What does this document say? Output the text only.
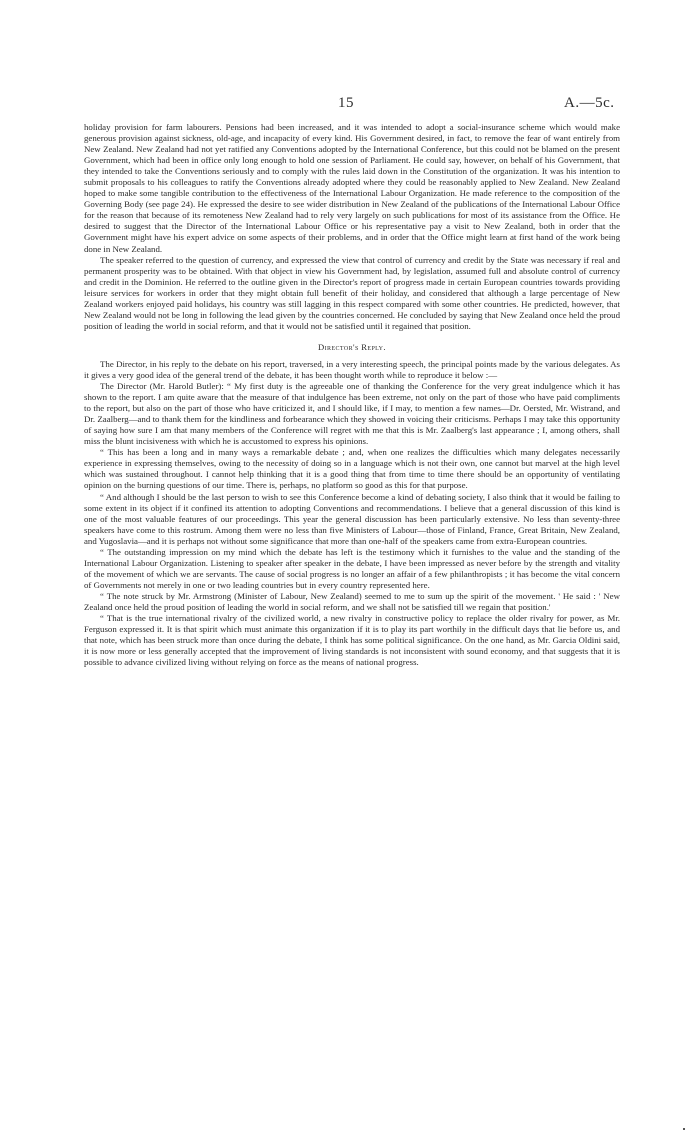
15	A.—5c.

holiday provision for farm labourers. Pensions had been increased, and it was intended to adopt a social-insurance scheme which would make generous provision against sickness, old-age, and incapacity of every kind. His Government desired, in fact, to remove the fear of want entirely from New Zealand. New Zealand had not yet ratified any Conventions adopted by the International Conference, but this could not be blamed on the present Government, which had been in office only long enough to hold one session of Parliament. He could say, however, on behalf of his Government, that they intended to take the Conventions seriously and to comply with the rules laid down in the Constitution of the organization. It was his intention to submit proposals to his colleagues to ratify the Conventions already adopted where they could be reasonably applied to New Zealand. New Zealand hoped to make some tangible contribution to the effectiveness of the International Labour Organization. He made reference to the composition of the Governing Body (see page 24). He expressed the desire to see wider distribution in New Zealand of the publications of the International Labour Office for the reason that because of its remoteness New Zealand had to rely very largely on such publications for most of its assistance from the Office. He desired to suggest that the Director of the International Labour Office or his representative pay a visit to New Zealand, both in order that the Government might have his expert advice on some aspects of their problems, and in order that the Office might learn at first hand of the work being done in New Zealand.

The speaker referred to the question of currency, and expressed the view that control of currency and credit by the State was necessary if real and permanent prosperity was to be obtained. With that object in view his Government had, by legislation, assumed full and absolute control of currency and credit in the Dominion. He referred to the outline given in the Director's report of progress made in certain European countries towards providing leisure services for workers in order that they might obtain full benefit of their holiday, and considered that although a large percentage of New Zealand workers enjoyed paid holidays, his country was still lagging in this respect compared with some other countries. He predicted, however, that New Zealand would not be long in following the lead given by the countries concerned. He concluded by saying that New Zealand once held the proud position of leading the world in social reform, and that it would not be satisfied until it regained that position.

Director's Reply.

The Director, in his reply to the debate on his report, traversed, in a very interesting speech, the principal points made by the various delegates. As it gives a very good idea of the general trend of the debate, it has been thought worth while to reproduce it below :—

The Director (Mr. Harold Butler): “ My first duty is the agreeable one of thanking the Conference for the very great indulgence which it has shown to the report. I am quite aware that the measure of that indulgence has been extreme, not only on the part of those who have paid compliments to the report, but also on the part of those who have criticized it, and I should like, if I may, to mention a few names—Dr. Oersted, Mr. Wistrand, and Dr. Zaalberg—and to thank them for the kindliness and forbearance which they showed in voicing their criticisms. Perhaps I may take this opportunity of saying how sure I am that many members of the Conference will regret with me that this is Mr. Zaalberg's last appearance ; I, among others, shall miss the blunt incisiveness with which he is accustomed to express his opinions.

“ This has been a long and in many ways a remarkable debate ; and, when one realizes the difficulties which many delegates necessarily experience in expressing themselves, owing to the necessity of doing so in a language which is not their own, one cannot but marvel at the high level which was sustained throughout. I cannot help thinking that it is a good thing that from time to time there should be an opportunity of ventilating opinion on the burning questions of our time. There is, perhaps, no platform so good as this for that purpose.

“ And although I should be the last person to wish to see this Conference become a kind of debating society, I also think that it would be failing to some extent in its object if it confined its attention to adopting Conventions and recommendations. I believe that a general discussion of this kind is one of the most valuable features of our proceedings. This year the general discussion has been particularly extensive. No less than seventy-three speakers have come to this rostrum. Among them were no less than five Ministers of Labour—those of Finland, France, Great Britain, New Zealand, and Yugoslavia—and it is perhaps not without some significance that more than one-half of the speakers came from extra-European countries.

“ The outstanding impression on my mind which the debate has left is the testimony which it furnishes to the value and the standing of the International Labour Organization. Listening to speaker after speaker in the debate, I have been impressed as never before by the strength and vitality of the movement of which we are servants. The cause of social progress is no longer an affair of a few philanthropists ; it has become the vital concern of Governments not merely in one or two leading countries but in every country represented here.

“ The note struck by Mr. Armstrong (Minister of Labour, New Zealand) seemed to me to sum up the spirit of the movement. ' He said : ' New Zealand once held the proud position of leading the world in social reform, and we shall not be satisfied till we regain that position.'

“ That is the true international rivalry of the civilized world, a new rivalry in constructive policy to replace the older rivalry for power, as Mr. Ferguson expressed it. It is that spirit which must animate this organization if it is to play its part worthily in the difficult days that lie before us, and that note, which has been struck more than once during the debate, I think has some political significance. On the one hand, as Mr. Garcia Oldini said, it is now more or less generally accepted that the improvement of living standards is not inconsistent with sound economy, and that suggests that it is possible to advance civilized living without relying on force as the means of national progress.
